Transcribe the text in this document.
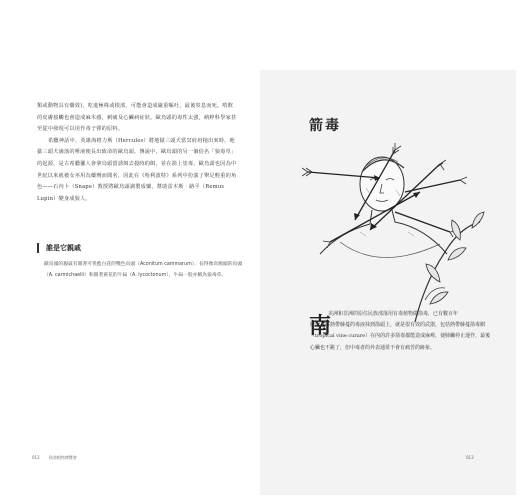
類或動物具有藥效)，吃進極株或根部，可能會造成嚴重嘔吐，最後窒息而死。啃飲的皮膚接觸也會造成麻木感、刺痛及心臟病症狀。歐烏頭的毒性太強，納粹科學家甚至從中發現可以用作毒子彈的原料。

希臘神話中，英雄海格力斯（Hercules）將地獄三頭犬當冥府府拖出來時，地獄三頭犬滴落的唾液便長出致命的歐烏頭。傳說中，歐烏頭的另一個俗名「狼毒草」的起源，是古希臘獵人會拿烏頭當誘餌去殺時的餌，並在箭上塗毒。歐烏頭也因為中世紀以來就被女巫用為藥劑而聞名，因此在《哈利波特》系列中扮演了舉足輕重的角色——石內卜（Snape）教授將歐烏頭調製成藥，幫助雷木斯‧路平（Remus Lupin）變身成狼人。

誰是它親戚
歐烏頭的親戚有開著可愛藍白花的雙色烏頭（Aconitum cammarum）、長得像烏鴉頭的烏頭（A. carmichaelii）和開著黃花的牛扁（A. lycoctonum），牛扁一般亦稱為狼毒草。
012 致命植物博覽會
箭毒
南
美洲和非洲的原住民族部落用有毒植物做箭毒，已有數百年
歷史。將熱帶藤蔓的毒液抹到箭頭上，就是很有效的武器，包括熱帶藤蔓箭毒樹（tropical vine curare）在內的許多箭毒都能造成麻痺，使肺臟停止運作，最後心臟也不跳了，但中毒者的外表通常不會有痛苦的跡象。
013
